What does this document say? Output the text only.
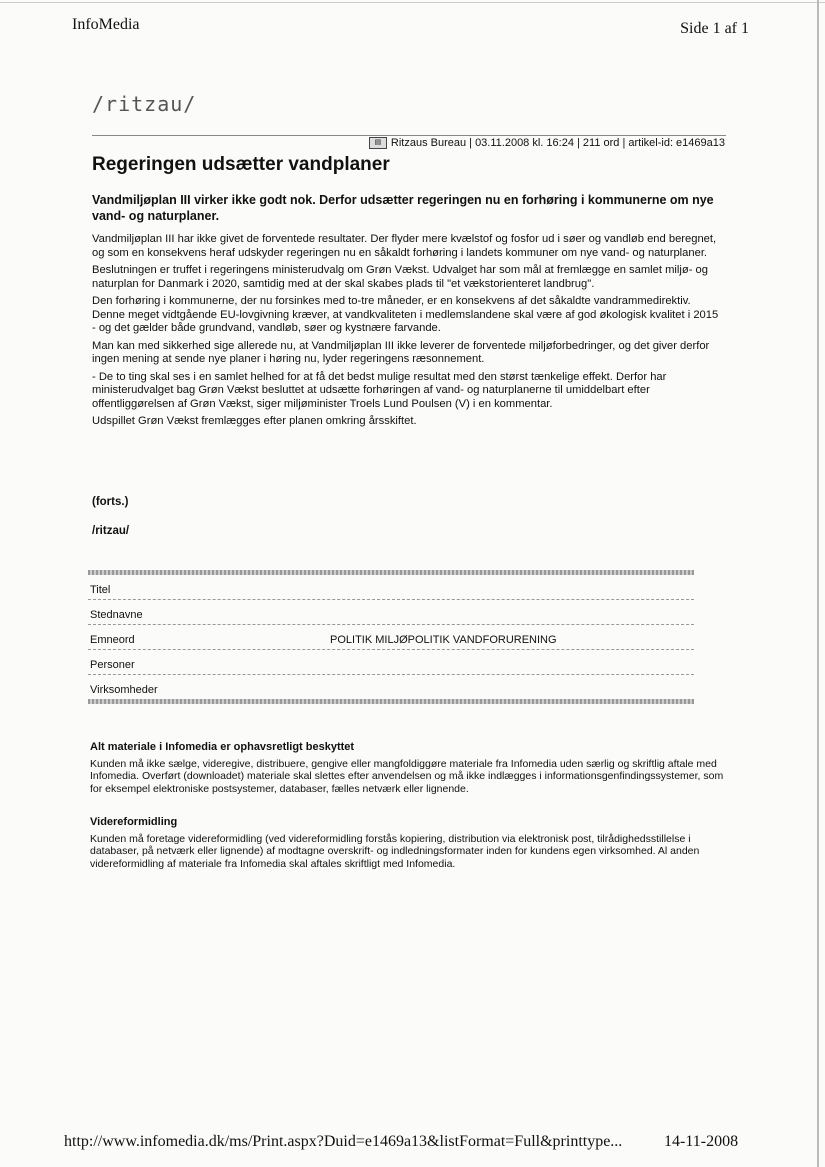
InfoMedia	Side 1 af 1
/ritzau/
▤ Ritzaus Bureau | 03.11.2008 kl. 16:24 | 211 ord | artikel-id: e1469a13
Regeringen udsætter vandplaner

Vandmiljøplan III virker ikke godt nok. Derfor udsætter regeringen nu en forhøring i kommunerne om nye vand- og naturplaner.

Vandmiljøplan III har ikke givet de forventede resultater. Der flyder mere kvælstof og fosfor ud i søer og vandløb end beregnet, og som en konsekvens heraf udskyder regeringen nu en såkaldt forhøring i landets kommuner om nye vand- og naturplaner.

Beslutningen er truffet i regeringens ministerudvalg om Grøn Vækst. Udvalget har som mål at fremlægge en samlet miljø- og naturplan for Danmark i 2020, samtidig med at der skal skabes plads til "et vækstorienteret landbrug".

Den forhøring i kommunerne, der nu forsinkes med to-tre måneder, er en konsekvens af det såkaldte vandrammedirektiv. Denne meget vidtgående EU-lovgivning kræver, at vandkvaliteten i medlemslandene skal være af god økologisk kvalitet i 2015 - og det gælder både grundvand, vandløb, søer og kystnære farvande.

Man kan med sikkerhed sige allerede nu, at Vandmiljøplan III ikke leverer de forventede miljøforbedringer, og det giver derfor ingen mening at sende nye planer i høring nu, lyder regeringens ræsonnement.

- De to ting skal ses i en samlet helhed for at få det bedst mulige resultat med den størst tænkelige effekt. Derfor har ministerudvalget bag Grøn Vækst besluttet at udsætte forhøringen af vand- og naturplanerne til umiddelbart efter offentliggørelsen af Grøn Vækst, siger miljøminister Troels Lund Poulsen (V) i en kommentar.

Udspillet Grøn Vækst fremlægges efter planen omkring årsskiftet.

(forts.)
/ritzau/
Titel
Stednavne
Emneord	POLITIK MILJØPOLITIK VANDFORURENING
Personer
Virksomheder
Alt materiale i Infomedia er ophavsretligt beskyttet

Kunden må ikke sælge, videregive, distribuere, gengive eller mangfoldiggøre materiale fra Infomedia uden særlig og skriftlig aftale med Infomedia. Overført (downloadet) materiale skal slettes efter anvendelsen og må ikke indlægges i informationsgenfindingssystemer, som for eksempel elektroniske postsystemer, databaser, fælles netværk eller lignende.

Videreformidling

Kunden må foretage videreformidling (ved videreformidling forstås kopiering, distribution via elektronisk post, tilrådighedsstillelse i databaser, på netværk eller lignende) af modtagne overskrift- og indledningsformater inden for kundens egen virksomhed. Al anden videreformidling af materiale fra Infomedia skal aftales skriftligt med Infomedia.

http://www.infomedia.dk/ms/Print.aspx?Duid=e1469a13&listFormat=Full&printtype...	14-11-2008
